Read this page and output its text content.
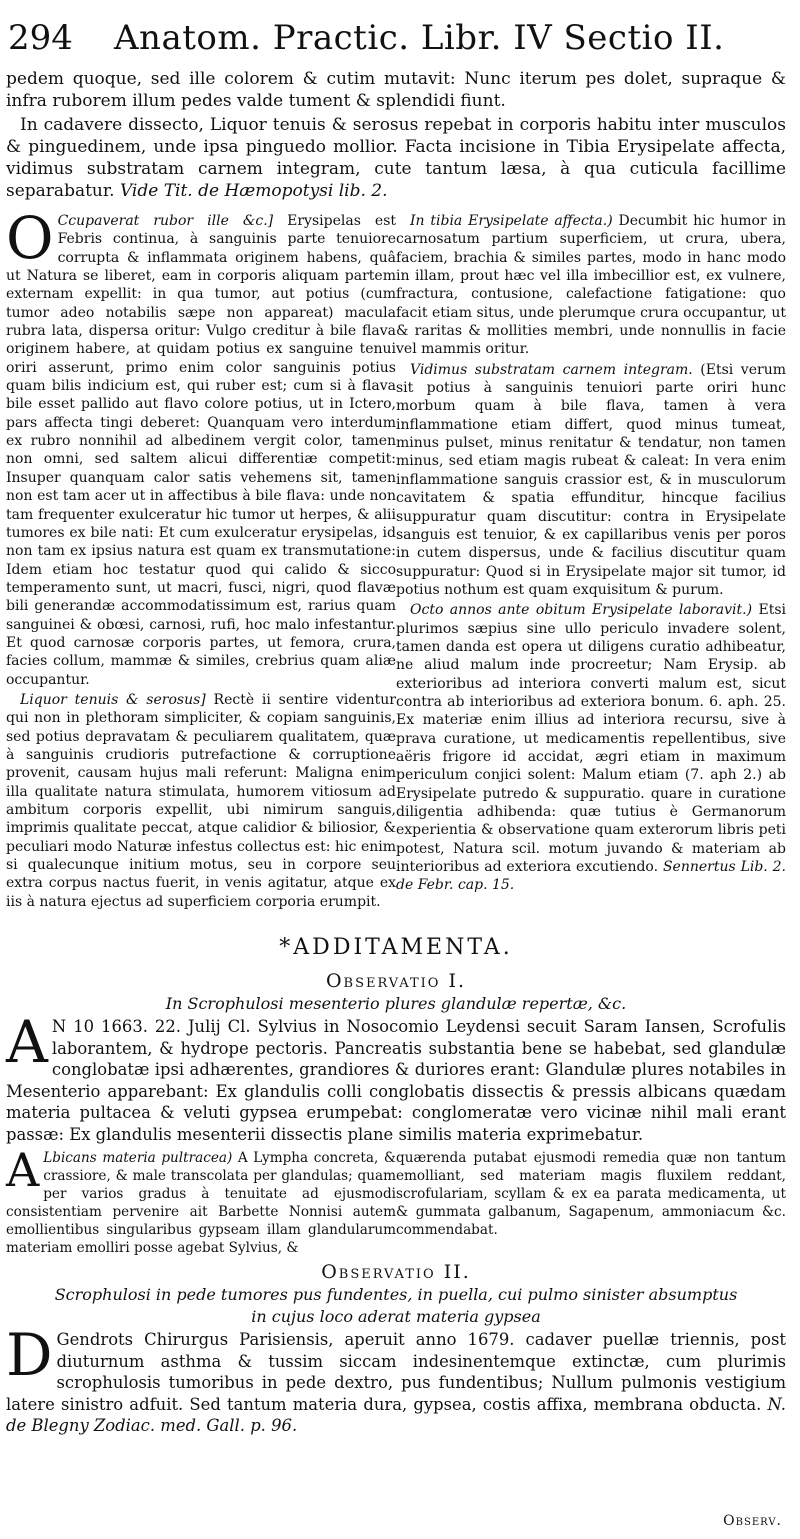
294	Anatom. Practic. Libr. IV Sectio II.

pedem quoque, sed ille colorem & cutim mutavit: Nunc iterum pes dolet, supraque & infra ruborem illum pedes valde tument & splendidi fiunt.

In cadavere dissecto, Liquor tenuis & serosus repebat in corporis habitu inter musculos & pinguedinem, unde ipsa pinguedo mollior. Facta incisione in Tibia Erysipelate affecta, vidimus substratam carnem integram, cute tantum læsa, à qua cuticula facillime separabatur. Vide Tit. de Hæmopotysi lib. 2.

O Ccupaverat rubor ille &c.] Erysipelas est Febris continua, à sanguinis parte tenuiore corrupta & inflammata originem habens, quâ ut Natura se liberet, eam in corporis aliquam partem externam expellit: in qua tumor, aut potius (cum tumor adeo notabilis sæpe non appareat) macula rubra lata, dispersa oritur: Vulgo creditur à bile flava originem habere, at quidam potius ex sanguine tenui oriri asserunt, primo enim color sanguinis potius quam bilis indicium est, qui ruber est; cum si à flava bile esset pallido aut flavo colore potius, ut in Ictero, pars affecta tingi deberet: Quanquam vero interdum ex rubro nonnihil ad albedinem vergit color, tamen non omni, sed saltem alicui differentiæ competit: Insuper quanquam calor satis vehemens sit, tamen non est tam acer ut in affectibus à bile flava: unde non tam frequenter exulceratur hic tumor ut herpes, & alii tumores ex bile nati: Et cum exulceratur erysipelas, id non tam ex ipsius natura est quam ex transmutatione: Idem etiam hoc testatur quod qui calido & sicco temperamento sunt, ut macri, fusci, nigri, quod flavæ bili generandæ accommodatissimum est, rarius quam sanguinei & obœsi, carnosi, rufi, hoc malo infestantur. Et quod carnosæ corporis partes, ut femora, crura, facies collum, mammæ & similes, crebrius quam aliæ occupantur.

Liquor tenuis & serosus] Rectè ii sentire videntur qui non in plethoram simpliciter, & copiam sanguinis, sed potius depravatam & peculiarem qualitatem, quæ à sanguinis crudioris putrefactione & corruptione provenit, causam hujus mali referunt: Maligna enim illa qualitate natura stimulata, humorem vitiosum ad ambitum corporis expellit, ubi nimirum sanguis, imprimis qualitate peccat, atque calidior & biliosior, & peculiari modo Naturæ infestus collectus est: hic enim si qualecunque initium motus, seu in corpore seu extra corpus nactus fuerit, in venis agitatur, atque ex iis à natura ejectus ad superficiem corporia erumpit.

In tibia Erysipelate affecta.) Decumbit hic humor in carnosatum partium superficiem, ut crura, ubera, faciem, brachia & similes partes, modo in hanc modo in illam, prout hæc vel illa imbecillior est, ex vulnere, fractura, contusione, calefactione fatigatione: quo facit etiam situs, unde plerumque crura occupantur, ut & raritas & mollities membri, unde nonnullis in facie vel mammis oritur.

Vidimus substratam carnem integram. (Etsi verum sit potius à sanguinis tenuiori parte oriri hunc morbum quam à bile flava, tamen à vera inflammatione etiam differt, quod minus tumeat, minus pulset, minus renitatur & tendatur, non tamen minus, sed etiam magis rubeat & caleat: In vera enim inflammatione sanguis crassior est, & in musculorum cavitatem & spatia effunditur, hincque facilius suppuratur quam discutitur: contra in Erysipelate sanguis est tenuior, & ex capillaribus venis per poros in cutem dispersus, unde & facilius discutitur quam suppuratur: Quod si in Erysipelate major sit tumor, id potius nothum est quam exquisitum & purum.

Octo annos ante obitum Erysipelate laboravit.) Etsi plurimos sæpius sine ullo periculo invadere solent, tamen danda est opera ut diligens curatio adhibeatur, ne aliud malum inde procreetur; Nam Erysip. ab exterioribus ad interiora converti malum est, sicut contra ab interioribus ad exteriora bonum. 6. aph. 25. Ex materiæ enim illius ad interiora recursu, sive à prava curatione, ut medicamentis repellentibus, sive aëris frigore id accidat, ægri etiam in maximum periculum conjici solent: Malum etiam (7. aph 2.) ab Erysipelate putredo & suppuratio. quare in curatione diligentia adhibenda: quæ tutius è Germanorum experientia & observatione quam exterorum libris peti potest, Natura scil. motum juvando & materiam ab interioribus ad exteriora excutiendo. Sennertus Lib. 2. de Febr. cap. 15.

*ADDITAMENTA.
Observatio I.
In Scrophulosi mesenterio plures glandulæ repertæ, &c.

A N 10 1663. 22. Julij Cl. Sylvius in Nosocomio Leydensi secuit Saram Iansen, Scrofulis laborantem, & hydrope pectoris. Pancreatis substantia bene se habebat, sed glandulæ conglobatæ ipsi adhærentes, grandiores & duriores erant: Glandulæ plures notabiles in Mesenterio apparebant: Ex glandulis colli conglobatis dissectis & pressis albicans quædam materia pultacea & veluti gypsea erumpebat: conglomeratæ vero vicinæ nihil mali erant passæ: Ex glandulis mesenterii dissectis plane similis materia exprimebatur.

A Lbicans materia pultracea) A Lympha concreta, & crassiore, & male transcolata per glandulas; quam per varios gradus à tenuitate ad ejusmodi consistentiam pervenire ait Barbette Nonnisi autem emollientibus singularibus gypseam illam glandularum materiam emolliri posse agebat Sylvius, &
quærenda putabat ejusmodi remedia quæ non tantum emolliant, sed materiam magis fluxilem reddant, scrofulariam, scyllam & ex ea parata medicamenta, ut & gummata galbanum, Sagapenum, ammoniacum &c. commendabat.
Observatio II.
Scrophulosi in pede tumores pus fundentes, in puella, cui pulmo sinister absumptus
in cujus loco aderat materia gypsea

D Gendrots Chirurgus Parisiensis, aperuit anno 1679. cadaver puellæ triennis, post diuturnum asthma & tussim siccam indesinentemque extinctæ, cum plurimis scrophulosis tumoribus in pede dextro, pus fundentibus; Nullum pulmonis vestigium latere sinistro adfuit. Sed tantum materia dura, gypsea, costis affixa, membrana obducta. N. de Blegny Zodiac. med. Gall. p. 96.

Observ.
